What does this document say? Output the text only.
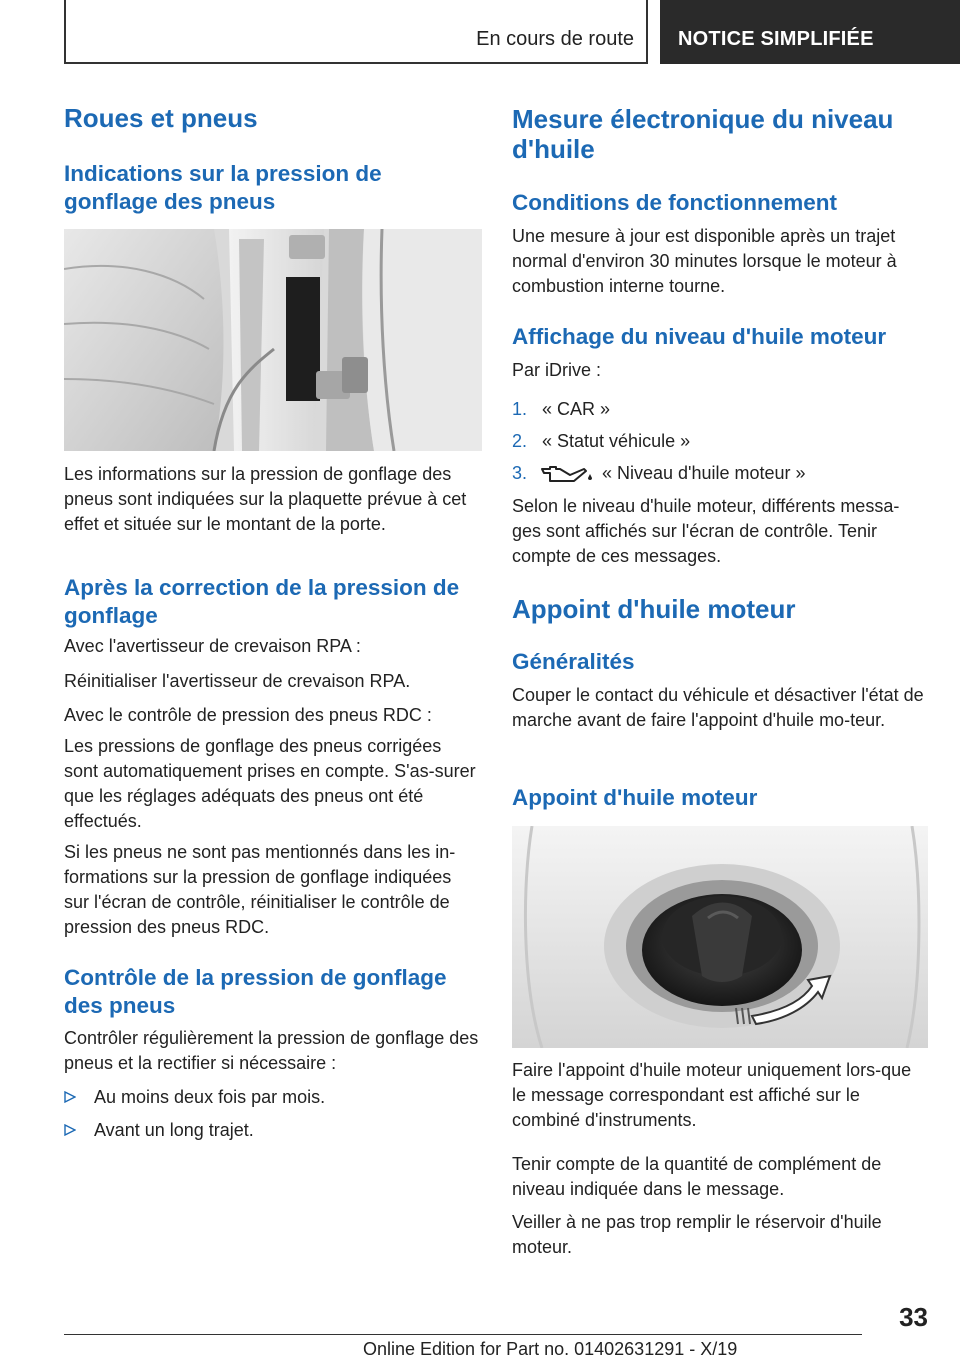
En cours de route NOTICE SIMPLIFIÉE
Roues et pneus
Indications sur la pression de gonflage des pneus
Les informations sur la pression de gonflage des pneus sont indiquées sur la plaquette prévue à cet effet et située sur le montant de la porte.
Après la correction de la pression de gonflage
Avec l'avertisseur de crevaison RPA :
Réinitialiser l'avertisseur de crevaison RPA.
Avec le contrôle de pression des pneus RDC :
Les pressions de gonflage des pneus corrigées sont automatiquement prises en compte. S'as-surer que les réglages adéquats des pneus ont été effectués.
Si les pneus ne sont pas mentionnés dans les in-formations sur la pression de gonflage indiquées sur l'écran de contrôle, réinitialiser le contrôle de pression des pneus RDC.
Contrôle de la pression de gonflage des pneus
Contrôler régulièrement la pression de gonflage des pneus et la rectifier si nécessaire :
Au moins deux fois par mois.
Avant un long trajet.
Mesure électronique du niveau d'huile
Conditions de fonctionnement
Une mesure à jour est disponible après un trajet normal d'environ 30 minutes lorsque le moteur à combustion interne tourne.
Affichage du niveau d'huile moteur
Par iDrive :
1. « CAR »
2. « Statut véhicule »
3.	« Niveau d'huile moteur »
Selon le niveau d'huile moteur, différents messa-ges sont affichés sur l'écran de contrôle. Tenir compte de ces messages.
Appoint d'huile moteur
Généralités
Couper le contact du véhicule et désactiver l'état de marche avant de faire l'appoint d'huile mo-teur.
Appoint d'huile moteur
Faire l'appoint d'huile moteur uniquement lors-que le message correspondant est affiché sur le combiné d'instruments.
Tenir compte de la quantité de complément de niveau indiquée dans le message.
Veiller à ne pas trop remplir le réservoir d'huile moteur.
33
Online Edition for Part no. 01402631291 - X/19
